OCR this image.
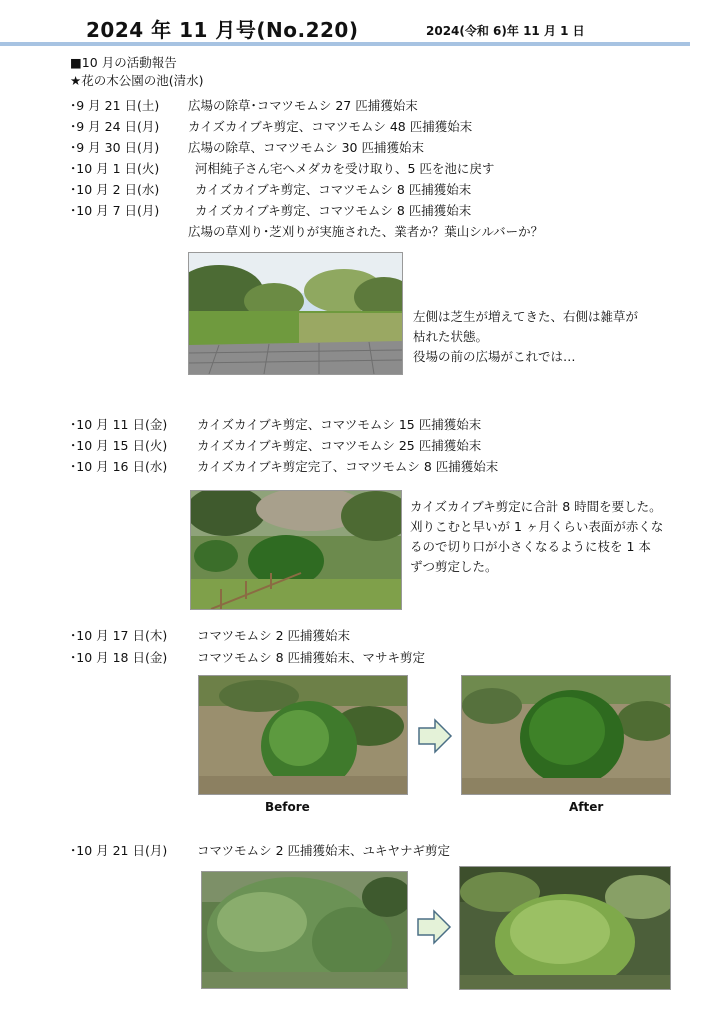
2024 年 11 月号(No.220)	2024(令和 6)年 11 月 1 日
■10 月の活動報告
★花の木公園の池(清水)
･9 月 21 日(土) 広場の除草･コマツモムシ 27 匹捕獲始末
･9 月 24 日(月) カイズカイブキ剪定、コマツモムシ 48 匹捕獲始末
･9 月 30 日(月) 広場の除草、コマツモムシ 30 匹捕獲始末
･10 月 1 日(火)	河相純子さん宅へメダカを受け取り、5 匹を池に戻す
･10 月 2 日(水)	カイズカイブキ剪定、コマツモムシ 8 匹捕獲始末
･10 月 7 日(月)	カイズカイブキ剪定、コマツモムシ 8 匹捕獲始末
広場の草刈り･芝刈りが実施された、業者か？葉山シルバーか？
左側は芝生が増えてきた、右側は雑草が
枯れた状態。
役場の前の広場がこれでは…
･10 月 11 日(金) カイズカイブキ剪定、コマツモムシ 15 匹捕獲始末
･10 月 15 日(火) カイズカイブキ剪定、コマツモムシ 25 匹捕獲始末
･10 月 16 日(水) カイズカイブキ剪定完了、コマツモムシ 8 匹捕獲始末
カイズカイブキ剪定に合計 8 時間を要した。
刈りこむと早いが 1 ヶ月くらい表面が赤くな
るので切り口が小さくなるように枝を 1 本
ずつ剪定した。
･10 月 17 日(木) コマツモムシ 2 匹捕獲始末
･10 月 18 日(金) コマツモムシ 8 匹捕獲始末、マサキ剪定
Before	After
･10 月 21 日(月) コマツモムシ 2 匹捕獲始末、ユキヤナギ剪定
